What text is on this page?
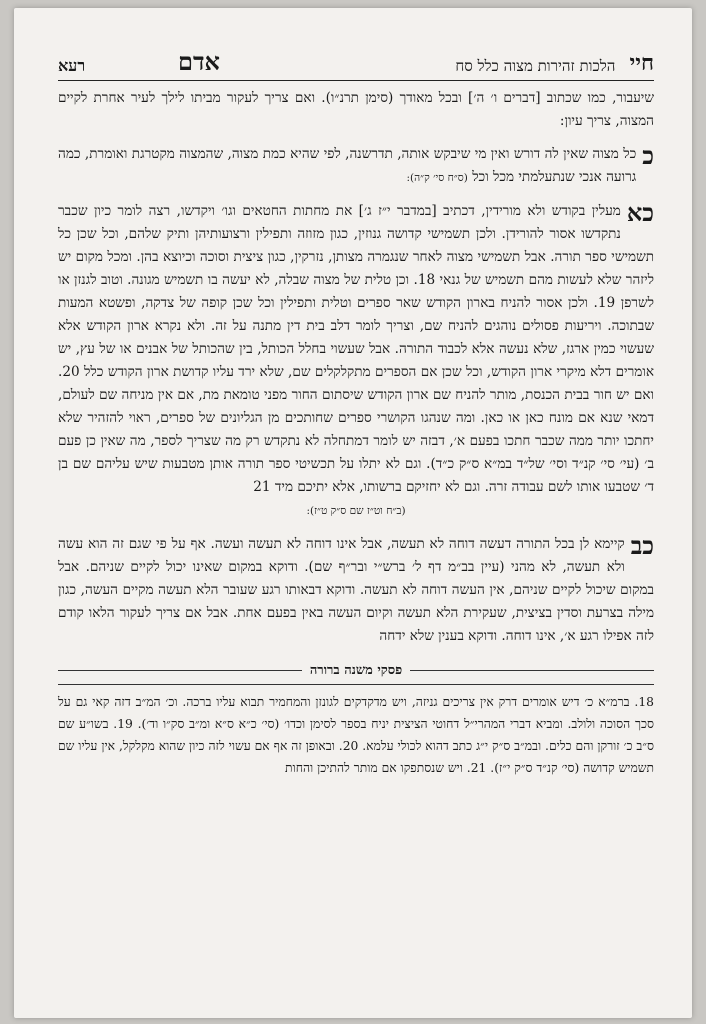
חיי
הלכות זהירות מצוה כלל סח
אדם
רעא

שיעבור, כמו שכתוב [דברים ו׳ ה׳] ובכל מאודך (סימן תרנ״ו). ואם צריך לעקור מביתו לילך לעיר אחרת לקיים המצוה, צריך עיון:

כ

כל מצוה שאין לה דורש ואין מי שיבקש אותה, תדרשנה, לפי שהיא כמת מצוה, שהמצוה מקטרגת ואומרת, כמה גרועה אנכי שנתעלמתי מכל וכל (ס״ח סי׳ ק״ה):

כא

מעלין בקודש ולא מורידין, דכתיב [במדבר י״ז ג׳] את מחתות החטאים וגו׳ ויקדשו, רצה לומר כיון שכבר נתקדשו אסור להורידן. ולכן תשמישי קדושה גנוזין, כגון מזוזה ותפילין ורצועותיהן ותיק שלהם, וכל שכן כל תשמישי ספר תורה. אבל תשמישי מצוה לאחר שנגמרה מצותן, נזרקין, כגון ציצית וסוכה וכיוצא בהן. ומכל מקום יש ליזהר שלא לעשות מהם תשמיש של גנאי 18. וכן טלית של מצוה שבלה, לא יעשה בו תשמיש מגונה. וטוב לגנזן או לשרפן 19. ולכן אסור להניח בארון הקודש שאר ספרים וטלית ותפילין וכל שכן קופה של צדקה, ופשטא המעות שבתוכה. ויריעות פסולים נוהגים להניח שם, וצריך לומר דלב בית דין מתנה על זה. ולא נקרא ארון הקודש אלא שעשוי כמין ארגז, שלא נעשה אלא לכבוד התורה. אבל שעשוי בחלל הכותל, בין שהכותל של אבנים או של עץ, יש אומרים דלא מיקרי ארון הקודש, וכל שכן אם הספרים מתקלקלים שם, שלא ירד עליו קדושת ארון הקודש כלל 20. ואם יש חור בבית הכנסת, מותר להניח שם ארון הקודש שיסתום החור מפני טומאת מת, אם אין מניחה שם לעולם, דמאי שנא אם מונח כאן או כאן. ומה שנהגו הקושרי ספרים שחותכים מן הגליונים של ספרים, ראוי להזהיר שלא יחתכו יותר ממה שכבר חתכו בפעם א׳, דבזה יש לומר דמתחלה לא נתקדש רק מה שצריך לספר, מה שאין כן פעם ב׳ (עי׳ סי׳ קנ״ד וסי׳ של״ד במ״א ס״ק כ״ד). וגם לא יתלו על תכשיטי ספר תורה אותן מטבעות שיש עליהם שם בן ד׳ שטבעו אותו לשם עבודה זרה. וגם לא יחזיקם ברשותו, אלא יתיכם מיד 21

(ב״ח וט״ז שם ס״ק ט״ז):

כב

קיימא לן בכל התורה דעשה דוחה לא תעשה, אבל אינו דוחה לא תעשה ועשה. אף על פי שגם זה הוא עשה ולא תעשה, לא מהני (עיין בב״מ דף ל׳ ברש״י ובר״ף שם). ודוקא במקום שאינו יכול לקיים שניהם. אבל במקום שיכול לקיים שניהם, אין העשה דוחה לא תעשה. ודוקא דבאותו רגע שעובר הלא תעשה מקיים העשה, כגון מילה בצרעת וסדין בציצית, שעקירת הלא תעשה וקיום העשה באין בפעם אחת. אבל אם צריך לעקור הלאו קודם לזה אפילו רגע א׳, אינו דוחה. ודוקא בענין שלא ידחה

פסקי משנה ברורה

18. ברמ״א כ׳ דיש אומרים דרק אין צריכים גניזה, ויש מדקדקים לגונזן והמחמיר תבוא עליו ברכה. וכ׳ המ״ב דזה קאי גם על סכך הסוכה ולולב. ומביא דברי המהרי״ל דחוטי הציצית יניח בספר לסימן וכדו׳ (סי׳ כ״א ס״א ומ״ב סק״ו וד׳). 19. בשו״ע שם ס״ב כ׳ זורקן והם כלים. ובמ״ב ס״ק י״ג כתב דהוא לכולי עלמא. 20. ובאופן זה אף אם עשוי לזה כיון שהוא מקלקל, אין עליו שם תשמיש קדושה (סי׳ קנ״ד ס״ק י״ז). 21. ויש שנסתפקו אם מותר להתיכן והחות
